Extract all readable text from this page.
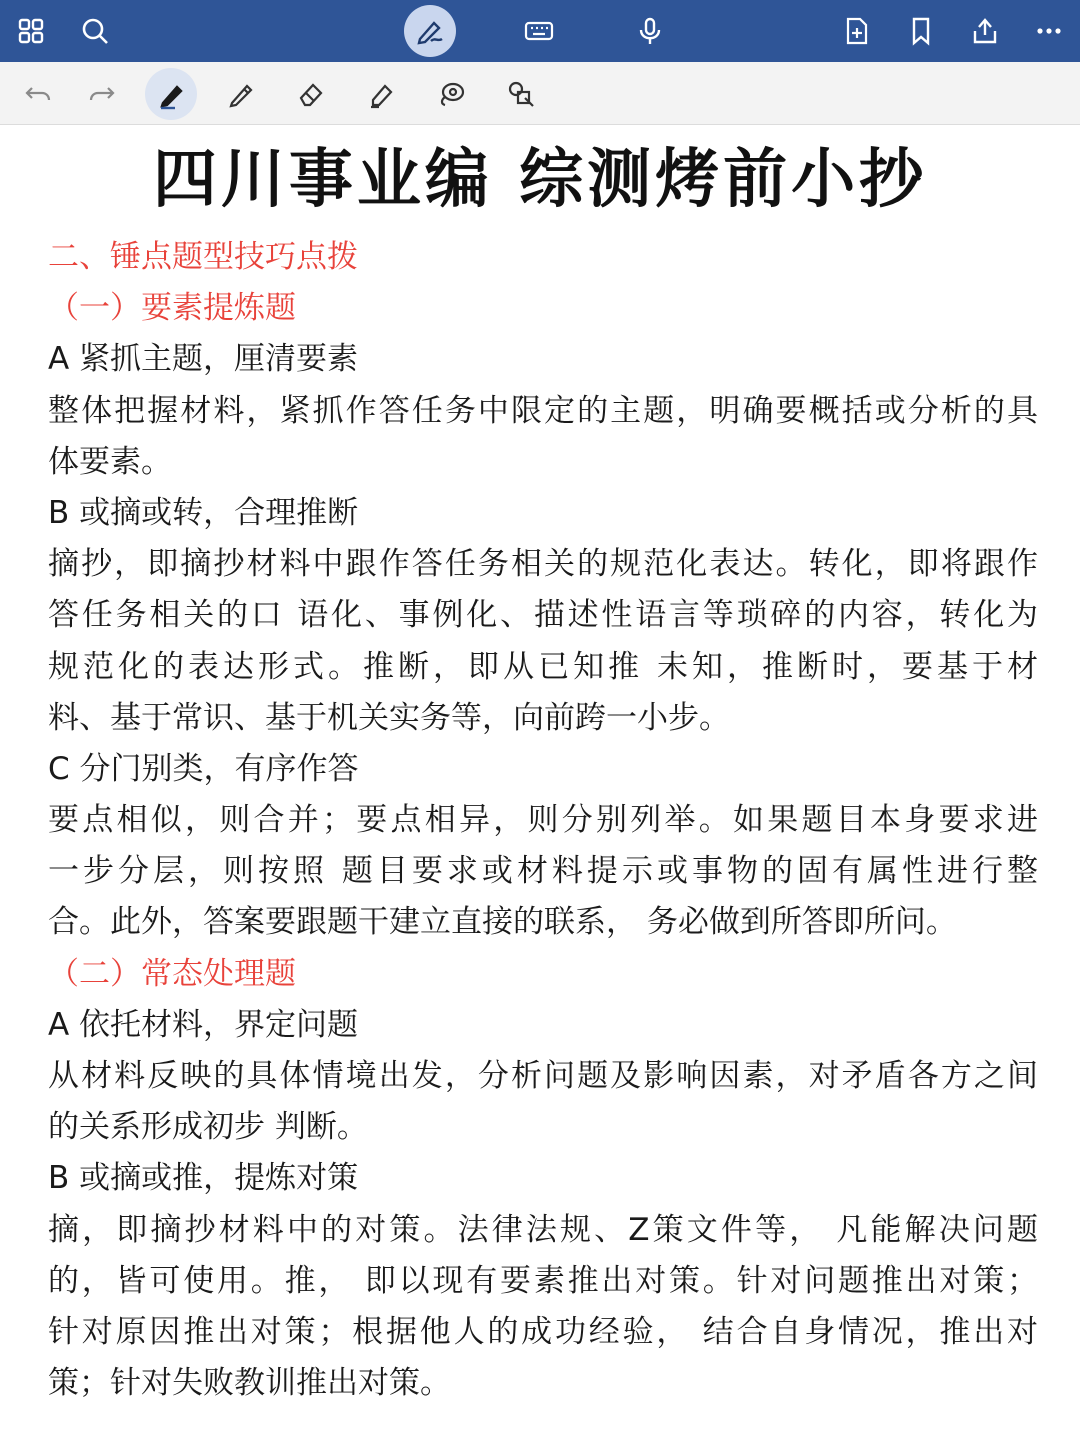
四川事业编 综测烤前小抄
二、锤点题型技巧点拨
（一）要素提炼题
A 紧抓主题，厘清要素
整体把握材料，紧抓作答任务中限定的主题，明确要概括或分析的具
体要素。
B 或摘或转，合理推断
摘抄，即摘抄材料中跟作答任务相关的规范化表达。转化，即将跟作
答任务相关的口 语化、事例化、描述性语言等琐碎的内容，转化为
规范化的表达形式。推断，即从已知推 未知，推断时，要基于材
料、基于常识、基于机关实务等，向前跨一小步。
C 分门别类，有序作答
要点相似，则合并；要点相异，则分别列举。如果题目本身要求进
一步分层，则按照 题目要求或材料提示或事物的固有属性进行整
合。此外，答案要跟题干建立直接的联系， 务必做到所答即所问。
（二）常态处理题
A 依托材料，界定问题
从材料反映的具体情境出发，分析问题及影响因素，对矛盾各方之间
的关系形成初步 判断。
B 或摘或推，提炼对策
摘，即摘抄材料中的对策。法律法规、Z策文件等， 凡能解决问题
的，皆可使用。推， 即以现有要素推出对策。针对问题推出对策；
针对原因推出对策；根据他人的成功经验， 结合自身情况，推出对
策；针对失败教训推出对策。
